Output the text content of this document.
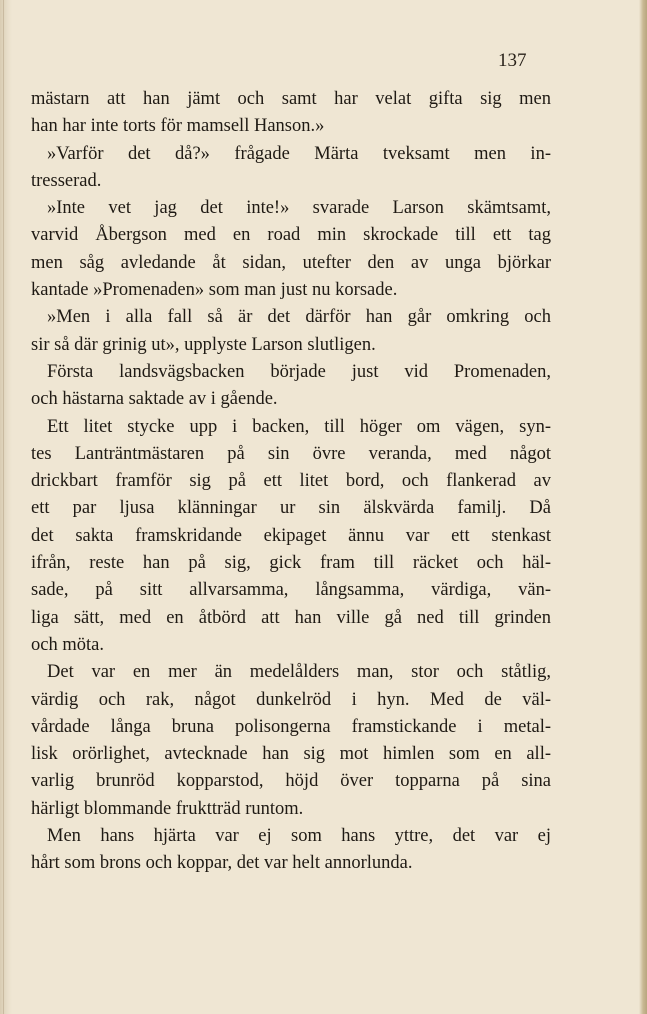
137
mästarn att han jämt och samt har velat gifta sig men
han har inte torts för mamsell Hanson.»
»Varför det då?» frågade Märta tveksamt men in-
tresserad.
»Inte vet jag det inte!» svarade Larson skämtsamt,
varvid Åbergson med en road min skrockade till ett tag
men såg avledande åt sidan, utefter den av unga björkar
kantade »Promenaden» som man just nu korsade.
»Men i alla fall så är det därför han går omkring och
sir så där grinig ut», upplyste Larson slutligen.
Första landsvägsbacken började just vid Promenaden,
och hästarna saktade av i gående.
Ett litet stycke upp i backen, till höger om vägen, syn-
tes Lanträntmästaren på sin övre veranda, med något
drickbart framför sig på ett litet bord, och flankerad av
ett par ljusa klänningar ur sin älskvärda familj. Då
det sakta framskridande ekipaget ännu var ett stenkast
ifrån, reste han på sig, gick fram till räcket och häl-
sade, på sitt allvarsamma, långsamma, värdiga, vän-
liga sätt, med en åtbörd att han ville gå ned till grinden
och möta.
Det var en mer än medelålders man, stor och ståtlig,
värdig och rak, något dunkelröd i hyn. Med de väl-
vårdade långa bruna polisongerna framstickande i metal-
lisk orörlighet, avtecknade han sig mot himlen som en all-
varlig brunröd kopparstod, höjd över topparna på sina
härligt blommande fruktträd runtom.
Men hans hjärta var ej som hans yttre, det var ej
hårt som brons och koppar, det var helt annorlunda.
